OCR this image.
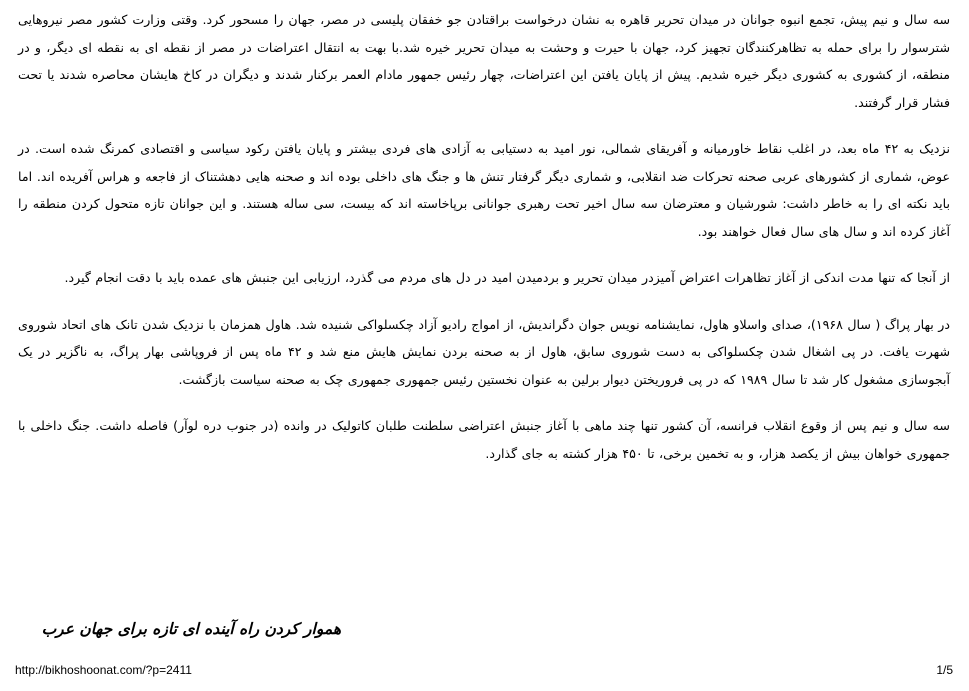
سه سال و نیم پیش، تجمع انبوه جوانان در میدان تحریر قاهره به نشان درخواست براقتادن جو خفقان پلیسی در مصر، جهان را مسحور کرد. وقتی وزارت کشور مصر نیروهایی شترسوار را برای حمله به تظاهرکنندگان تجهیز کرد، جهان با حیرت و وحشت به میدان تحریر خیره شد.با بهت به انتقال اعتراضات در مصر از نقطه ای به نقطه ای دیگر، و در منطقه، از کشوری به کشوری دیگر خیره شدیم. پیش از پایان یافتن این اعتراضات، چهار رئیس جمهور مادام العمر برکنار شدند و دیگران در کاخ هایشان محاصره شدند یا تحت فشار قرار گرفتند.

نزدیک به ۴۲ ماه بعد، در اغلب نقاط خاورمیانه و آفریقای شمالی، نور امید به دستیابی به آزادی های فردی بیشتر و پایان یافتن رکود سیاسی و اقتصادی کمرنگ شده است. در عوض، شماری از کشورهای عربی صحنه تحرکات ضد انقلابی، و شماری دیگر گرفتار تنش ها و جنگ های داخلی بوده اند و صحنه هایی دهشتناک از فاجعه و هراس آفریده اند. اما باید نکته ای را به خاطر داشت: شورشیان و معترضان سه سال اخیر تحت رهبری جوانانی برپاخاسته اند که بیست، سی ساله هستند. و این جوانان تازه متحول کردن منطقه را آغاز کرده اند و سال های سال فعال خواهند بود.

از آنجا که تنها مدت اندکی از آغاز تظاهرات اعتراض آمیزدر میدان تحریر و بردمیدن امید در دل های مردم می گذرد، ارزیابی این جنبش های عمده باید با دقت انجام گیرد.

در بهار پراگ ( سال ۱۹۶۸)، صدای واسلاو هاول، نمایشنامه نویس جوان دگراندیش، از امواج رادیو آزاد چکسلواکی شنیده شد. هاول همزمان با نزدیک شدن تانک های اتحاد شوروی شهرت یافت. در پی اشغال شدن چکسلواکی به دست شوروی سابق، هاول از به صحنه بردن نمایش هایش منع شد و ۴۲ ماه پس از فروپاشی بهار پراگ، به ناگزیر در یک آبجوسازی مشغول کار شد تا سال ۱۹۸۹ که در پی فروریختن دیوار برلین به عنوان نخستین رئیس جمهوری جمهوری چک به صحنه سیاست بازگشت.

سه سال و نیم پس از وقوع انقلاب فرانسه، آن کشور تنها چند ماهی با آغاز جنبش اعتراضی سلطنت طلبان کاتولیک در وانده (در جنوب دره لوآر) فاصله داشت. جنگ داخلی با جمهوری خواهان بیش از یکصد هزار، و به تخمین برخی، تا ۴۵۰ هزار کشته به جای گذارد.

هموار کردن راه آینده ای تازه برای جهان عرب
http://bikhoshoonat.com/?p=2411	1/5
